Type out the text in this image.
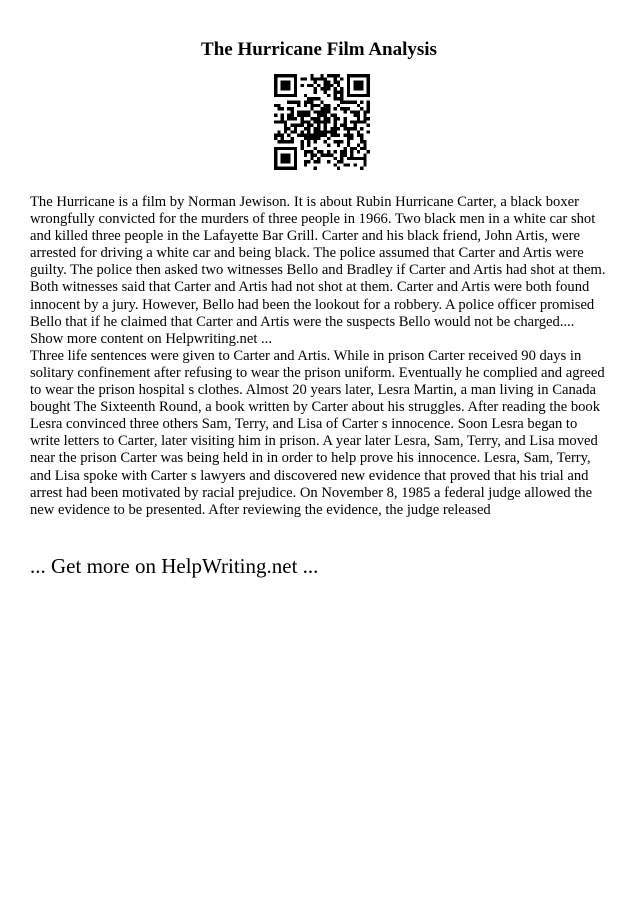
The Hurricane Film Analysis

The Hurricane is a film by Norman Jewison. It is about Rubin Hurricane Carter, a black boxer wrongfully convicted for the murders of three people in 1966. Two black men in a white car shot and killed three people in the Lafayette Bar Grill. Carter and his black friend, John Artis, were arrested for driving a white car and being black. The police assumed that Carter and Artis were guilty. The police then asked two witnesses Bello and Bradley if Carter and Artis had shot at them. Both witnesses said that Carter and Artis had not shot at them. Carter and Artis were both found innocent by a jury. However, Bello had been the lookout for a robbery. A police officer promised Bello that if he claimed that Carter and Artis were the suspects Bello would not be charged.... Show more content on Helpwriting.net ...

Three life sentences were given to Carter and Artis. While in prison Carter received 90 days in solitary confinement after refusing to wear the prison uniform. Eventually he complied and agreed to wear the prison hospital s clothes. Almost 20 years later, Lesra Martin, a man living in Canada bought The Sixteenth Round, a book written by Carter about his struggles. After reading the book Lesra convinced three others Sam, Terry, and Lisa of Carter s innocence. Soon Lesra began to write letters to Carter, later visiting him in prison. A year later Lesra, Sam, Terry, and Lisa moved near the prison Carter was being held in in order to help prove his innocence. Lesra, Sam, Terry, and Lisa spoke with Carter s lawyers and discovered new evidence that proved that his trial and arrest had been motivated by racial prejudice. On November 8, 1985 a federal judge allowed the new evidence to be presented. After reviewing the evidence, the judge released

... Get more on HelpWriting.net ...
